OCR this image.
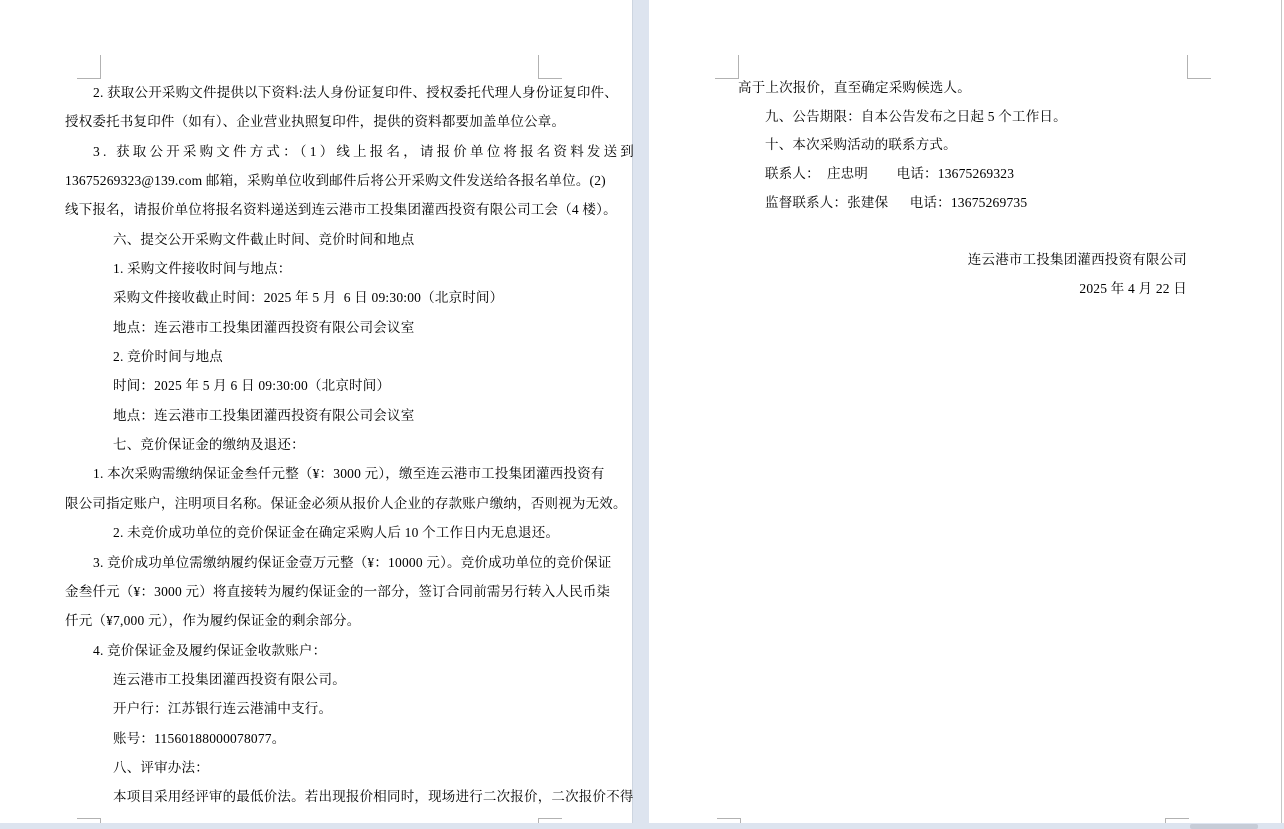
2. 获取公开采购文件提供以下资料:法人身份证复印件、授权委托代理人身份证复印件、
授权委托书复印件（如有）、企业营业执照复印件，提供的资料都要加盖单位公章。
3. 获取公开采购文件方式：（1）线上报名，请报价单位将报名资料发送到
13675269323@139.com 邮箱，采购单位收到邮件后将公开采购文件发送给各报名单位。(2)
线下报名，请报价单位将报名资料递送到连云港市工投集团灌西投资有限公司工会（4 楼）。
六、提交公开采购文件截止时间、竞价时间和地点
1. 采购文件接收时间与地点：
采购文件接收截止时间：2025 年 5 月  6 日 09:30:00（北京时间）
地点：连云港市工投集团灌西投资有限公司会议室
2. 竞价时间与地点
时间：2025 年 5 月 6 日 09:30:00（北京时间）
地点：连云港市工投集团灌西投资有限公司会议室
七、竞价保证金的缴纳及退还：
1. 本次采购需缴纳保证金叁仟元整（¥：3000 元），缴至连云港市工投集团灌西投资有
限公司指定账户，注明项目名称。保证金必须从报价人企业的存款账户缴纳，否则视为无效。
2. 未竞价成功单位的竞价保证金在确定采购人后 10 个工作日内无息退还。
3. 竞价成功单位需缴纳履约保证金壹万元整（¥：10000 元）。竞价成功单位的竞价保证
金叁仟元（¥：3000 元）将直接转为履约保证金的一部分，签订合同前需另行转入人民币柒
仟元（¥7,000 元），作为履约保证金的剩余部分。
4. 竞价保证金及履约保证金收款账户：
连云港市工投集团灌西投资有限公司。
开户行：江苏银行连云港浦中支行。
账号：11560188000078077。
八、评审办法：
本项目采用经评审的最低价法。若出现报价相同时，现场进行二次报价，二次报价不得
高于上次报价，直至确定采购候选人。
九、公告期限：自本公告发布之日起 5 个工作日。
十、本次采购活动的联系方式。
联系人：  庄忠明        电话：13675269323
监督联系人：张建保      电话：13675269735
连云港市工投集团灌西投资有限公司
2025 年 4 月 22 日
